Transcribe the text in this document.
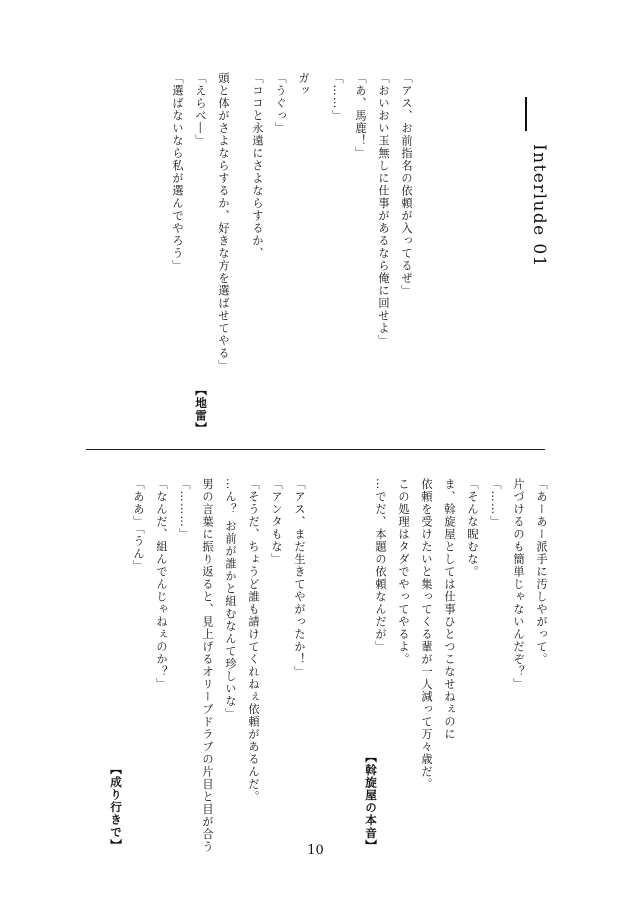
Interlude 01
「アス、お前指名の依頼が入ってるぜ」
「おいおい玉無しに仕事があるなら俺に回せよ」
「あ、馬鹿！」
「……」
ガッ
「うぐっ」
「ココと永遠にさよならするか、
頭と体がさよならするか、好きな方を選ばせてやる」
「えらべ―」
「選ばないなら私が選んでやろう」
【地雷】
「あーあー派手に汚しやがって。
片づけるのも簡単じゃないんだぞ？」
「……」
「そんな睨むな。
ま、斡旋屋としては仕事ひとつこなせねぇのに
依頼を受けたいと集ってくる輩が一人減って万々歳だ。
この処理はタダでやってやるよ。
…でだ、本題の依頼なんだが」
【斡旋屋の本音】
「アス、まだ生きてやがったか！」
「アンタもな」
「そうだ、ちょうど誰も請けてくれねぇ依頼があるんだ。
…ん？ お前が誰かと組むなんて珍しいな」
男の言葉に振り返ると、見上げるオリーブドラブの片目と目が合う
「………」
「なんだ、組んでんじゃねぇのか？」
「ああ」「うん」
【成り行きで】	10
